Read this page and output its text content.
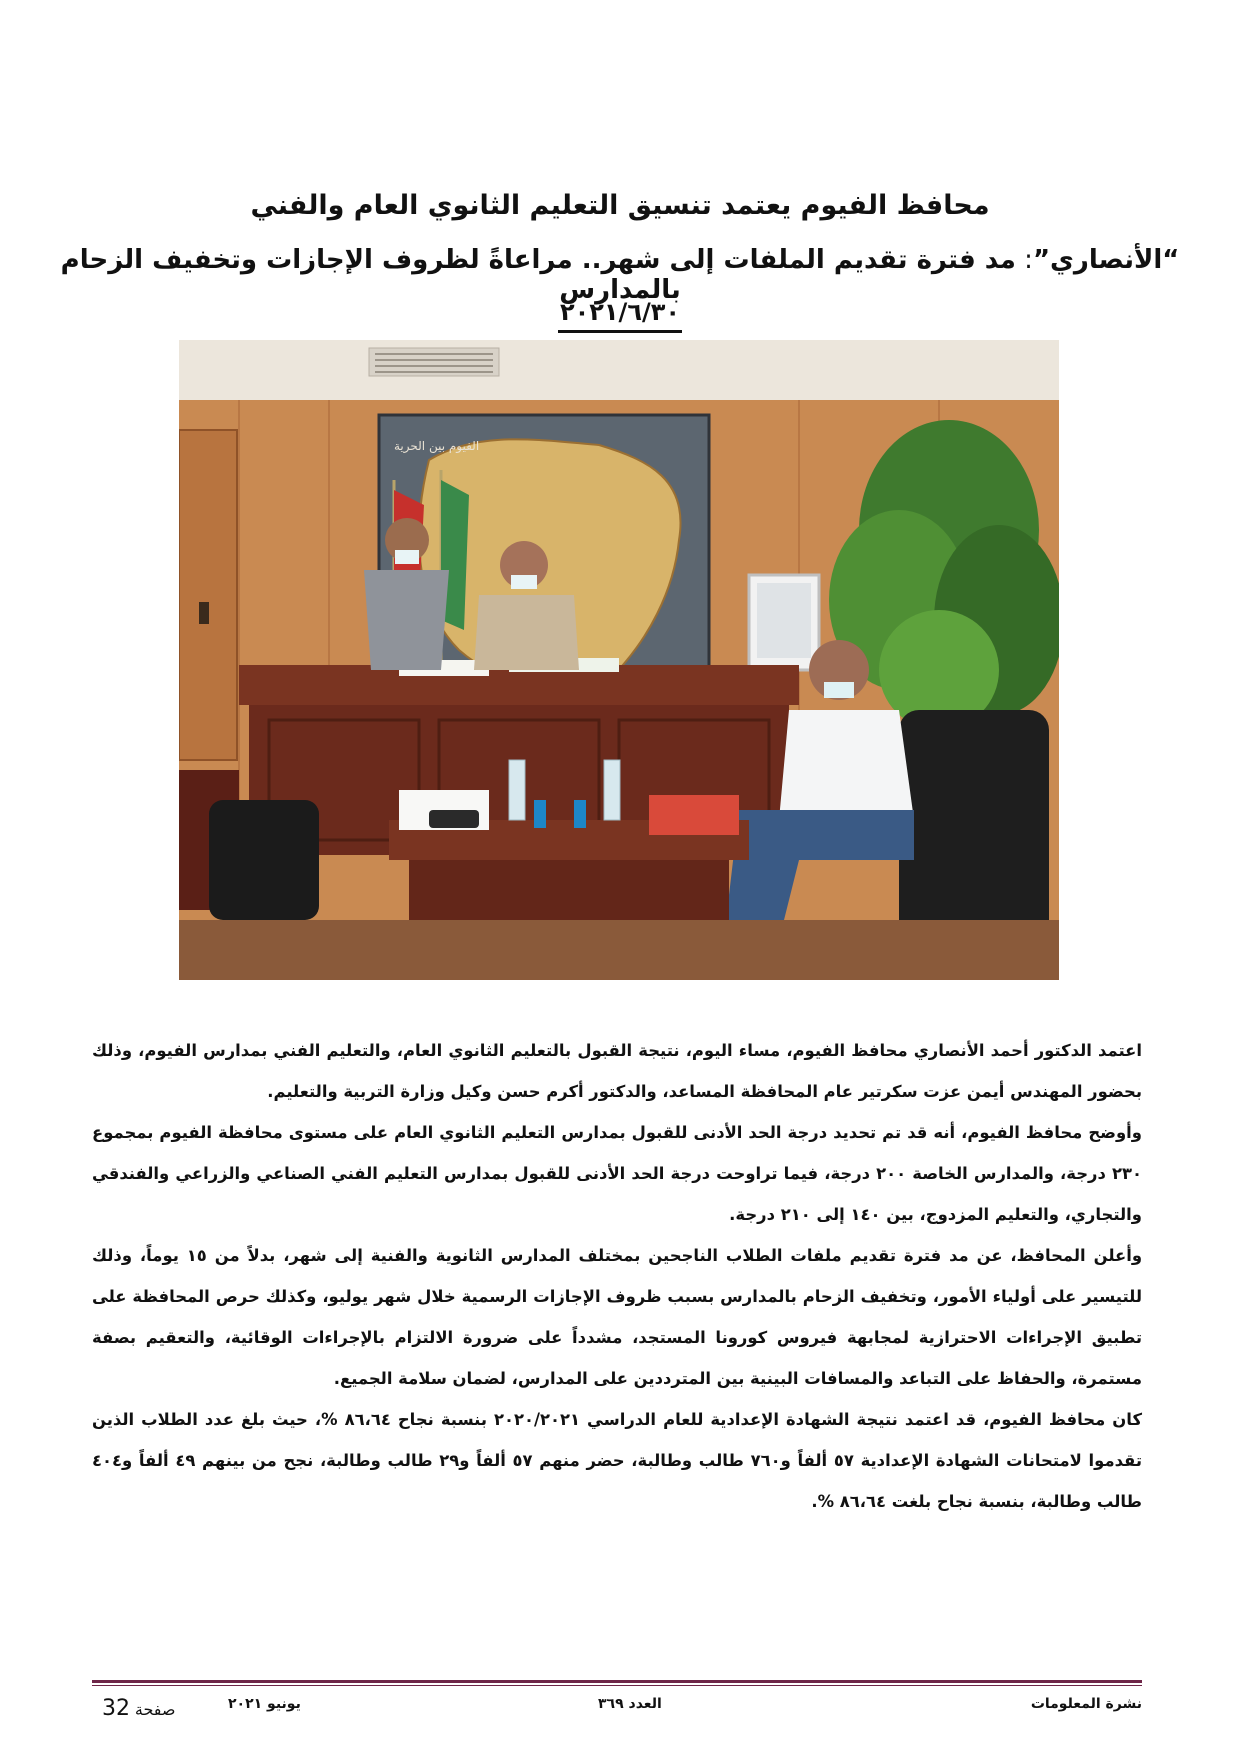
محافظ الفيوم يعتمد تنسيق التعليم الثانوي العام والفني
“الأنصاري”: مد فترة تقديم الملفات إلى شهر.. مراعاةً لظروف الإجازات وتخفيف الزحام بالمدارس
٢٠٢١/٦/٣٠
الفيوم بين الحرية

اعتمد الدكتور أحمد الأنصاري محافظ الفيوم، مساء اليوم، نتيجة القبول بالتعليم الثانوي العام، والتعليم الفني بمدارس الفيوم، وذلك بحضور المهندس أيمن عزت سكرتير عام المحافظة المساعد، والدكتور أكرم حسن وكيل وزارة التربية والتعليم.

وأوضح محافظ الفيوم، أنه قد تم تحديد درجة الحد الأدنى للقبول بمدارس التعليم الثانوي العام على مستوى محافظة الفيوم بمجموع ٢٣٠ درجة، والمدارس الخاصة ٢٠٠ درجة، فيما تراوحت درجة الحد الأدنى للقبول بمدارس التعليم الفني الصناعي والزراعي والفندقي والتجاري، والتعليم المزدوج، بين ١٤٠ إلى ٢١٠ درجة.

وأعلن المحافظ، عن مد فترة تقديم ملفات الطلاب الناجحين بمختلف المدارس الثانوية والفنية إلى شهر، بدلاً من ١٥ يوماً، وذلك للتيسير على أولياء الأمور، وتخفيف الزحام بالمدارس بسبب ظروف الإجازات الرسمية خلال شهر يوليو، وكذلك حرص المحافظة على تطبيق الإجراءات الاحترازية لمجابهة فيروس كورونا المستجد، مشدداً على ضرورة الالتزام بالإجراءات الوقائية، والتعقيم بصفة مستمرة، والحفاظ على التباعد والمسافات البينية بين المترددين على المدارس، لضمان سلامة الجميع.

كان محافظ الفيوم، قد اعتمد نتيجة الشهادة الإعدادية للعام الدراسي ٢٠٢٠/٢٠٢١ بنسبة نجاح ٨٦،٦٤ %، حيث بلغ عدد الطلاب الذين تقدموا لامتحانات الشهادة الإعدادية ٥٧ ألفاً و٧٦٠ طالب وطالبة، حضر منهم ٥٧ ألفاً و٢٩ طالب وطالبة، نجح من بينهم ٤٩ ألفاً و٤٠٤ طالب وطالبة، بنسبة نجاح بلغت ٨٦،٦٤ %.

صفحة 32	يونيو ٢٠٢١	العدد ٣٦٩	نشرة المعلومات
